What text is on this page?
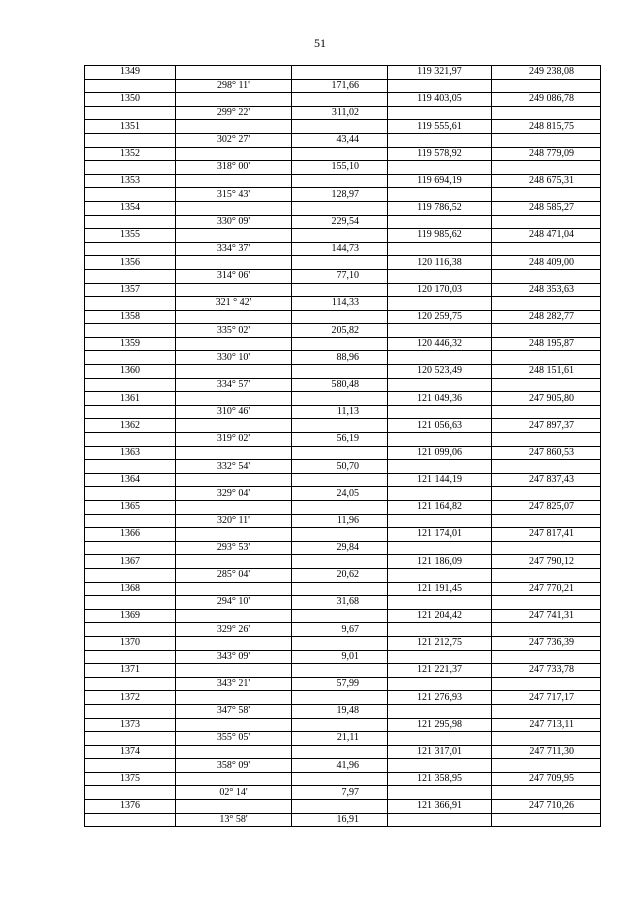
51
1349			119 321,97	249 238,08
	298° 11'	171,66		
1350			119 403,05	249 086,78
	299° 22'	311,02		
1351			119 555,61	248 815,75
	302° 27'	43,44		
1352			119 578,92	248 779,09
	318° 00'	155,10		
1353			119 694,19	248 675,31
	315° 43'	128,97		
1354			119 786,52	248 585,27
	330° 09'	229,54		
1355			119 985,62	248 471,04
	334° 37'	144,73		
1356			120 116,38	248 409,00
	314° 06'	77,10		
1357			120 170,03	248 353,63
	321 ° 42'	114,33		
1358			120 259,75	248 282,77
	335° 02'	205,82		
1359			120 446,32	248 195,87
	330° 10'	88,96		
1360			120 523,49	248 151,61
	334° 57'	580,48		
1361			121 049,36	247 905,80
	310° 46'	11,13		
1362			121 056,63	247 897,37
	319° 02'	56,19		
1363			121 099,06	247 860,53
	332° 54'	50,70		
1364			121 144,19	247 837,43
	329° 04'	24,05		
1365			121 164,82	247 825,07
	320° 11'	11,96		
1366			121 174,01	247 817,41
	293° 53'	29,84		
1367			121 186,09	247 790,12
	285° 04'	20,62		
1368			121 191,45	247 770,21
	294° 10'	31,68		
1369			121 204,42	247 741,31
	329° 26'	9,67		
1370			121 212,75	247 736,39
	343° 09'	9,01		
1371			121 221,37	247 733,78
	343° 21'	57,99		
1372			121 276,93	247 717,17
	347° 58'	19,48		
1373			121 295,98	247 713,11
	355° 05'	21,11		
1374			121 317,01	247 711,30
	358° 09'	41,96		
1375			121 358,95	247 709,95
	02° 14'	7,97		
1376			121 366,91	247 710,26
	13° 58'	16,91		
